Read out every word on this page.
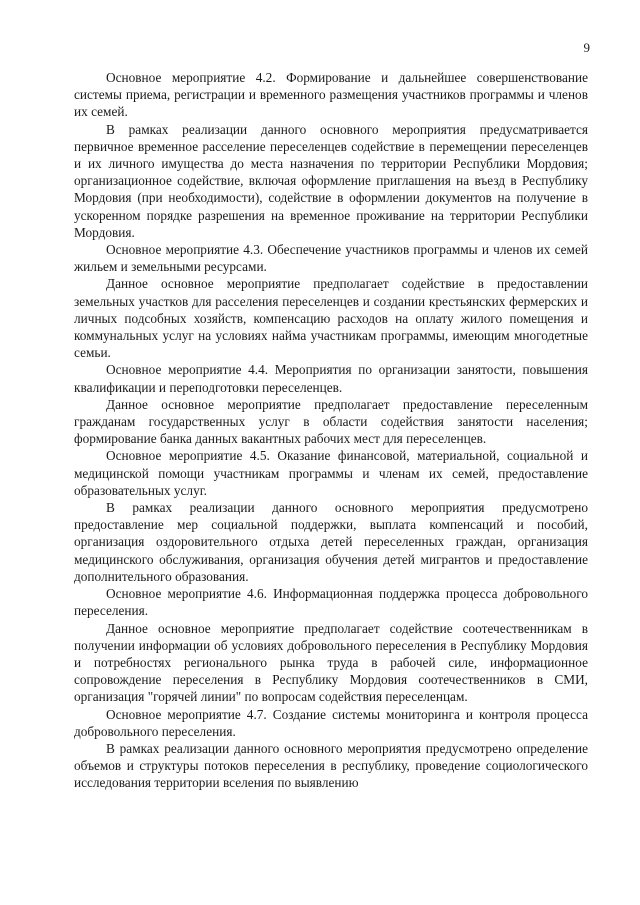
9

Основное мероприятие 4.2. Формирование и дальнейшее совершенствование системы приема, регистрации и временного размещения участников программы и членов их семей.

В рамках реализации данного основного мероприятия предусматривается первичное временное расселение переселенцев содействие в перемещении переселенцев и их личного имущества до места назначения по территории Республики Мордовия; организационное содействие, включая оформление приглашения на въезд в Республику Мордовия (при необходимости), содействие в оформлении документов на получение в ускоренном порядке разрешения на временное проживание на территории Республики Мордовия.

Основное мероприятие 4.3. Обеспечение участников программы и членов их семей жильем и земельными ресурсами.

Данное основное мероприятие предполагает содействие в предоставлении земельных участков для расселения переселенцев и создании крестьянских фермерских и личных подсобных хозяйств, компенсацию расходов на оплату жилого помещения и коммунальных услуг на условиях найма участникам программы, имеющим многодетные семьи.

Основное мероприятие 4.4. Мероприятия по организации занятости, повышения квалификации и переподготовки переселенцев.

Данное основное мероприятие предполагает предоставление переселенным гражданам государственных услуг в области содействия занятости населения; формирование банка данных вакантных рабочих мест для переселенцев.

Основное мероприятие 4.5. Оказание финансовой, материальной, социальной и медицинской помощи участникам программы и членам их семей, предоставление образовательных услуг.

В рамках реализации данного основного мероприятия предусмотрено предоставление мер социальной поддержки, выплата компенсаций и пособий, организация оздоровительного отдыха детей переселенных граждан, организация медицинского обслуживания, организация обучения детей мигрантов и предоставление дополнительного образования.

Основное мероприятие 4.6. Информационная поддержка процесса добровольного переселения.

Данное основное мероприятие предполагает содействие соотечественникам в получении информации об условиях добровольного переселения в Республику Мордовия и потребностях регионального рынка труда в рабочей силе, информационное сопровождение переселения в Республику Мордовия соотечественников в СМИ, организация "горячей линии" по вопросам содействия переселенцам.

Основное мероприятие 4.7. Создание системы мониторинга и контроля процесса добровольного переселения.

В рамках реализации данного основного мероприятия предусмотрено определение объемов и структуры потоков переселения в республику, проведение социологического исследования территории вселения по выявлению
